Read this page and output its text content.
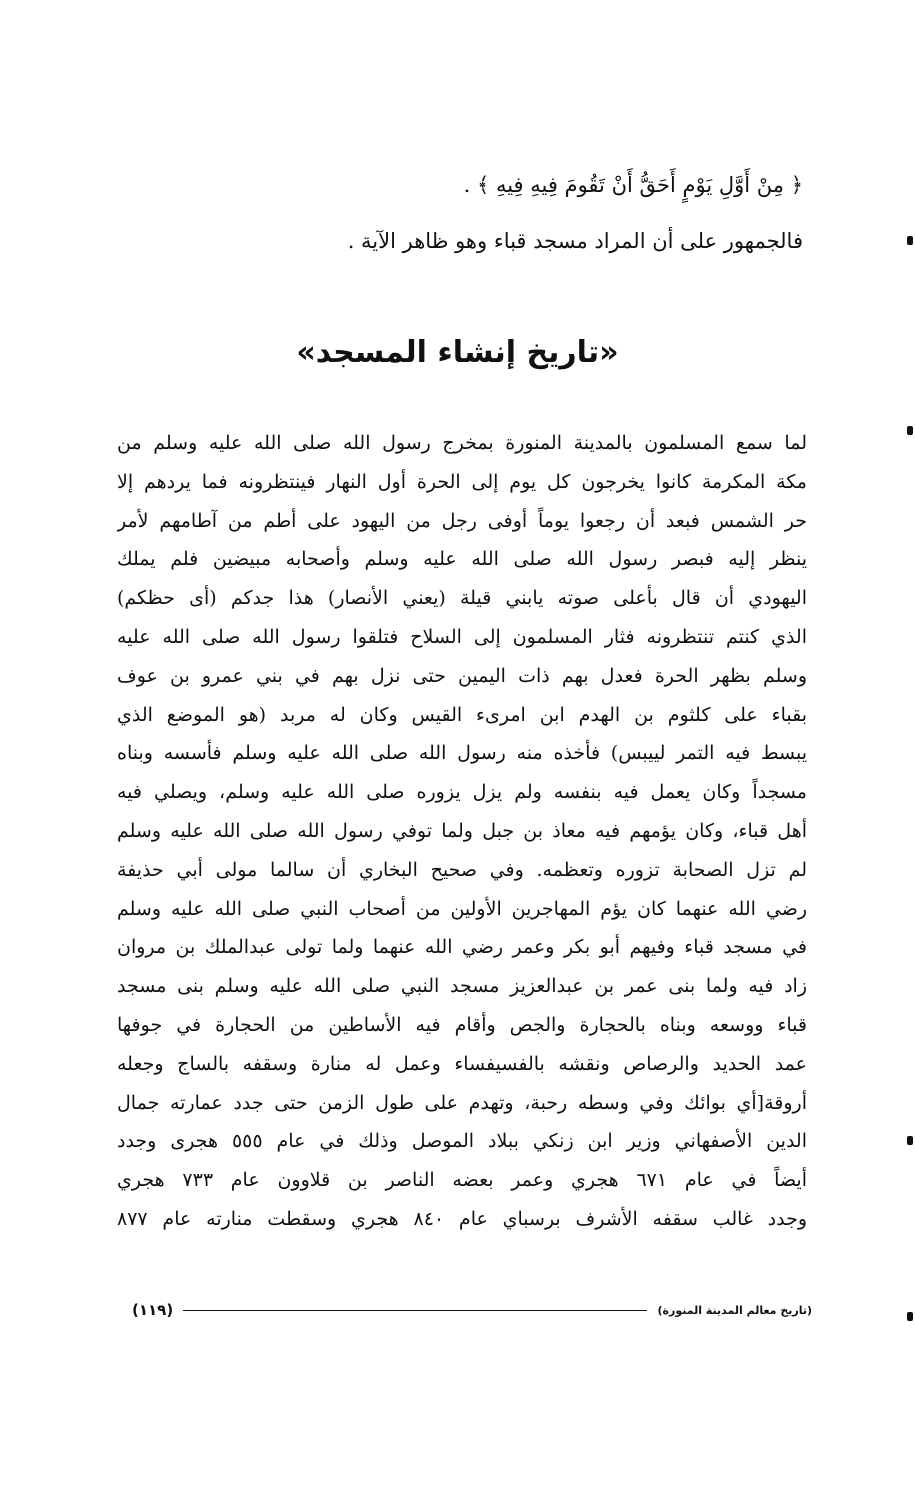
﴿ مِنْ أَوَّلِ يَوْمٍ أَحَقُّ أَنْ تَقُومَ فِيهِ فِيهِ ﴾ .
فالجمهور على أن المراد مسجد قباء وهو ظاهر الآية .
«تاريخ إنشاء المسجد»
لما سمع المسلمون بالمدينة المنورة بمخرج رسول الله صلى الله عليه وسلم من
مكة المكرمة كانوا يخرجون كل يوم إلى الحرة أول النهار فينتظرونه فما يردهم إلا
حر الشمس فبعد أن رجعوا يوماً أوفى رجل من اليهود على أطم من آطامهم لأمر
ينظر إليه فبصر رسول الله صلى الله عليه وسلم وأصحابه مبيضين فلم يملك
اليهودي أن قال بأعلى صوته يابني قيلة (يعني الأنصار) هذا جدكم (أى حظكم)
الذي كنتم تنتظرونه فثار المسلمون إلى السلاح فتلقوا رسول الله صلى الله عليه
وسلم بظهر الحرة فعدل بهم ذات اليمين حتى نزل بهم في بني عمرو بن عوف
بقباء على كلثوم بن الهدم ابن امرىء القيس وكان له مربد (هو الموضع الذي
يبسط فيه التمر لييبس) فأخذه منه رسول الله صلى الله عليه وسلم فأسسه وبناه
مسجداً وكان يعمل فيه بنفسه ولم يزل يزوره صلى الله عليه وسلم، ويصلي فيه
أهل قباء، وكان يؤمهم فيه معاذ بن جبل ولما توفي رسول الله صلى الله عليه وسلم
لم تزل الصحابة تزوره وتعظمه. وفي صحيح البخاري أن سالما مولى أبي حذيفة
رضي الله عنهما كان يؤم المهاجرين الأولين من أصحاب النبي صلى الله عليه وسلم
في مسجد قباء وفيهم أبو بكر وعمر رضي الله عنهما ولما تولى عبدالملك بن مروان
زاد فيه ولما بنى عمر بن عبدالعزيز مسجد النبي صلى الله عليه وسلم بنى مسجد
قباء ووسعه وبناه بالحجارة والجص وأقام فيه الأساطين من الحجارة في جوفها
عمد الحديد والرصاص ونقشه بالفسيفساء وعمل له منارة وسقفه بالساج وجعله
أروقة[أي بوائك وفي وسطه رحبة، وتهدم على طول الزمن حتى جدد عمارته جمال
الدين الأصفهاني وزير ابن زنكي ببلاد الموصل وذلك في عام ٥٥٥ هجرى وجدد
أيضاً في عام ٦٧١ هجري وعمر بعضه الناصر بن قلاوون عام ٧٣٣ هجري
وجدد غالب سقفه الأشرف برسباي عام ٨٤٠ هجري وسقطت منارته عام ٨٧٧
(تاريخ معالم المدينة المنورة)
(١١٩)
